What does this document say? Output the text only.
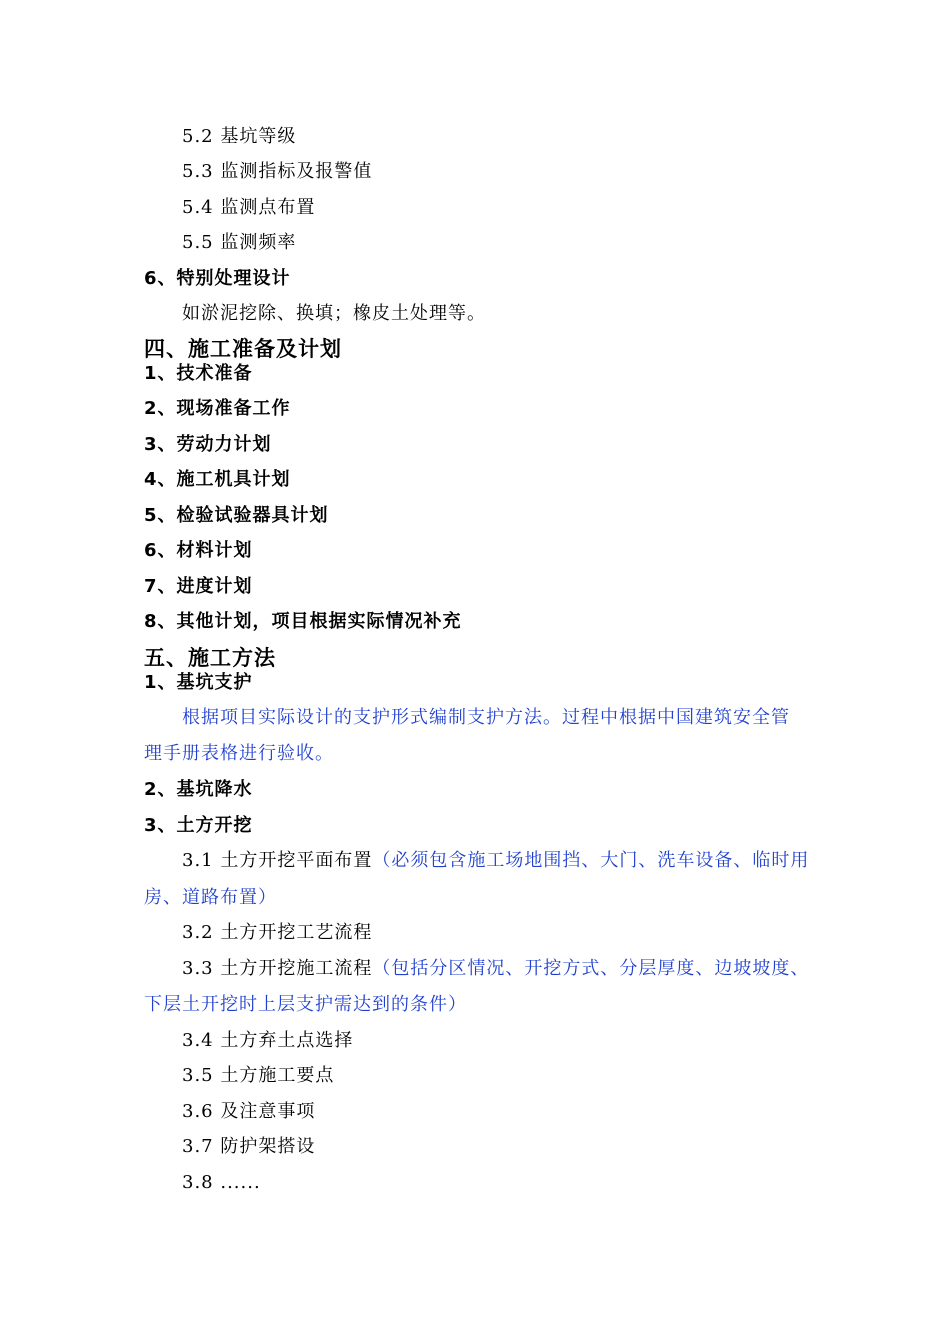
5.2 基坑等级
5.3 监测指标及报警值
5.4 监测点布置
5.5 监测频率
6、特别处理设计
如淤泥挖除、换填；橡皮土处理等。
四、施工准备及计划
1、技术准备
2、现场准备工作
3、劳动力计划
4、施工机具计划
5、检验试验器具计划
6、材料计划
7、进度计划
8、其他计划，项目根据实际情况补充
五、施工方法
1、基坑支护
根据项目实际设计的支护形式编制支护方法。过程中根据中国建筑安全管
理手册表格进行验收。
2、基坑降水
3、土方开挖
3.1 土方开挖平面布置（必须包含施工场地围挡、大门、洗车设备、临时用
房、道路布置）
3.2 土方开挖工艺流程
3.3 土方开挖施工流程（包括分区情况、开挖方式、分层厚度、边坡坡度、
下层土开挖时上层支护需达到的条件）
3.4 土方弃土点选择
3.5 土方施工要点
3.6 及注意事项
3.7 防护架搭设
3.8 ......
